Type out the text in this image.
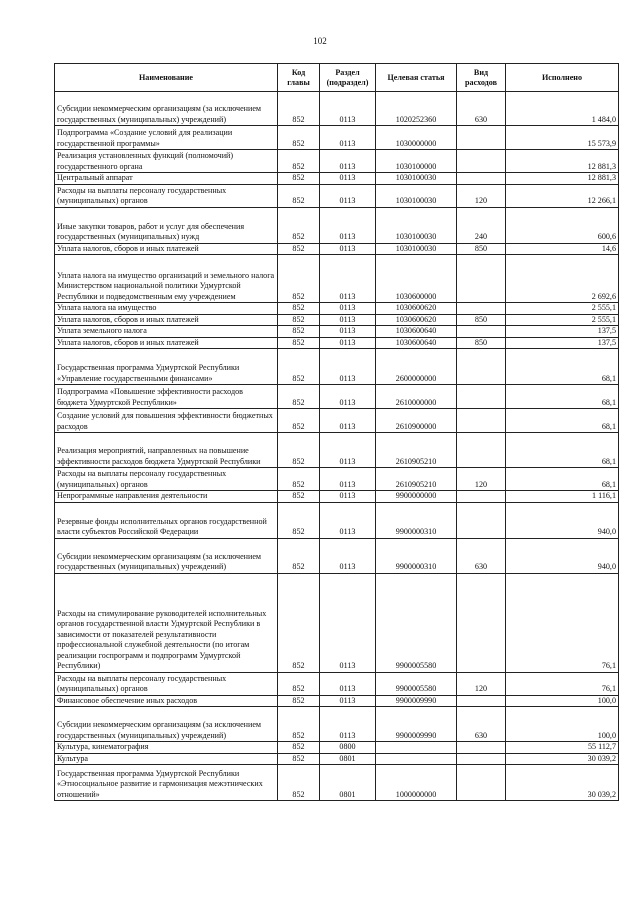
102
Наименование	Код главы	Раздел (подраздел)	Целевая статья	Вид расходов	Исполнено
Субсидии некоммерческим организациям (за исключением государственных (муниципальных) учреждений)	852	0113	1020252360	630	1 484,0
Подпрограмма «Создание условий для реализации государственной программы»	852	0113	1030000000		15 573,9
Реализация установленных функций (полномочий) государственного органа	852	0113	1030100000		12 881,3
Центральный аппарат	852	0113	1030100030		12 881,3
Расходы на выплаты персоналу государственных (муниципальных) органов	852	0113	1030100030	120	12 266,1
Иные закупки товаров, работ и услуг для обеспечения государственных (муниципальных) нужд	852	0113	1030100030	240	600,6
Уплата налогов, сборов и иных платежей	852	0113	1030100030	850	14,6
Уплата налога на имущество организаций и земельного налога Министерством национальной политики Удмуртской Республики и подведомственным ему учреждением	852	0113	1030600000		2 692,6
Уплата налога на имущество	852	0113	1030600620		2 555,1
Уплата налогов, сборов и иных платежей	852	0113	1030600620	850	2 555,1
Уплата земельного налога	852	0113	1030600640		137,5
Уплата налогов, сборов и иных платежей	852	0113	1030600640	850	137,5
Государственная программа Удмуртской Республики «Управление государственными финансами»	852	0113	2600000000		68,1
Подпрограмма «Повышение эффективности расходов бюджета Удмуртской Республики»	852	0113	2610000000		68,1
Создание условий для повышения эффективности бюджетных расходов	852	0113	2610900000		68,1
Реализация мероприятий, направленных на повышение эффективности расходов бюджета Удмуртской Республики	852	0113	2610905210		68,1
Расходы на выплаты персоналу государственных (муниципальных) органов	852	0113	2610905210	120	68,1
Непрограммные направления деятельности	852	0113	9900000000		1 116,1
Резервные фонды исполнительных органов государственной власти субъектов Российской Федерации	852	0113	9900000310		940,0
Субсидии некоммерческим организациям (за исключением государственных (муниципальных) учреждений)	852	0113	9900000310	630	940,0
Расходы на стимулирование руководителей исполнительных органов государственной власти Удмуртской Республики в зависимости от показателей результативности профессиональной служебной деятельности (по итогам реализации госпрограмм и подпрограмм Удмуртской Республики)	852	0113	9900005580		76,1
Расходы на выплаты персоналу государственных (муниципальных) органов	852	0113	9900005580	120	76,1
Финансовое обеспечение иных расходов	852	0113	9900009990		100,0
Субсидии некоммерческим организациям (за исключением государственных (муниципальных) учреждений)	852	0113	9900009990	630	100,0
Культура, кинематография	852	0800			55 112,7
Культура	852	0801			30 039,2
Государственная программа Удмуртской Республики «Этносоциальное развитие и гармонизация межэтнических отношений»	852	0801	1000000000		30 039,2
